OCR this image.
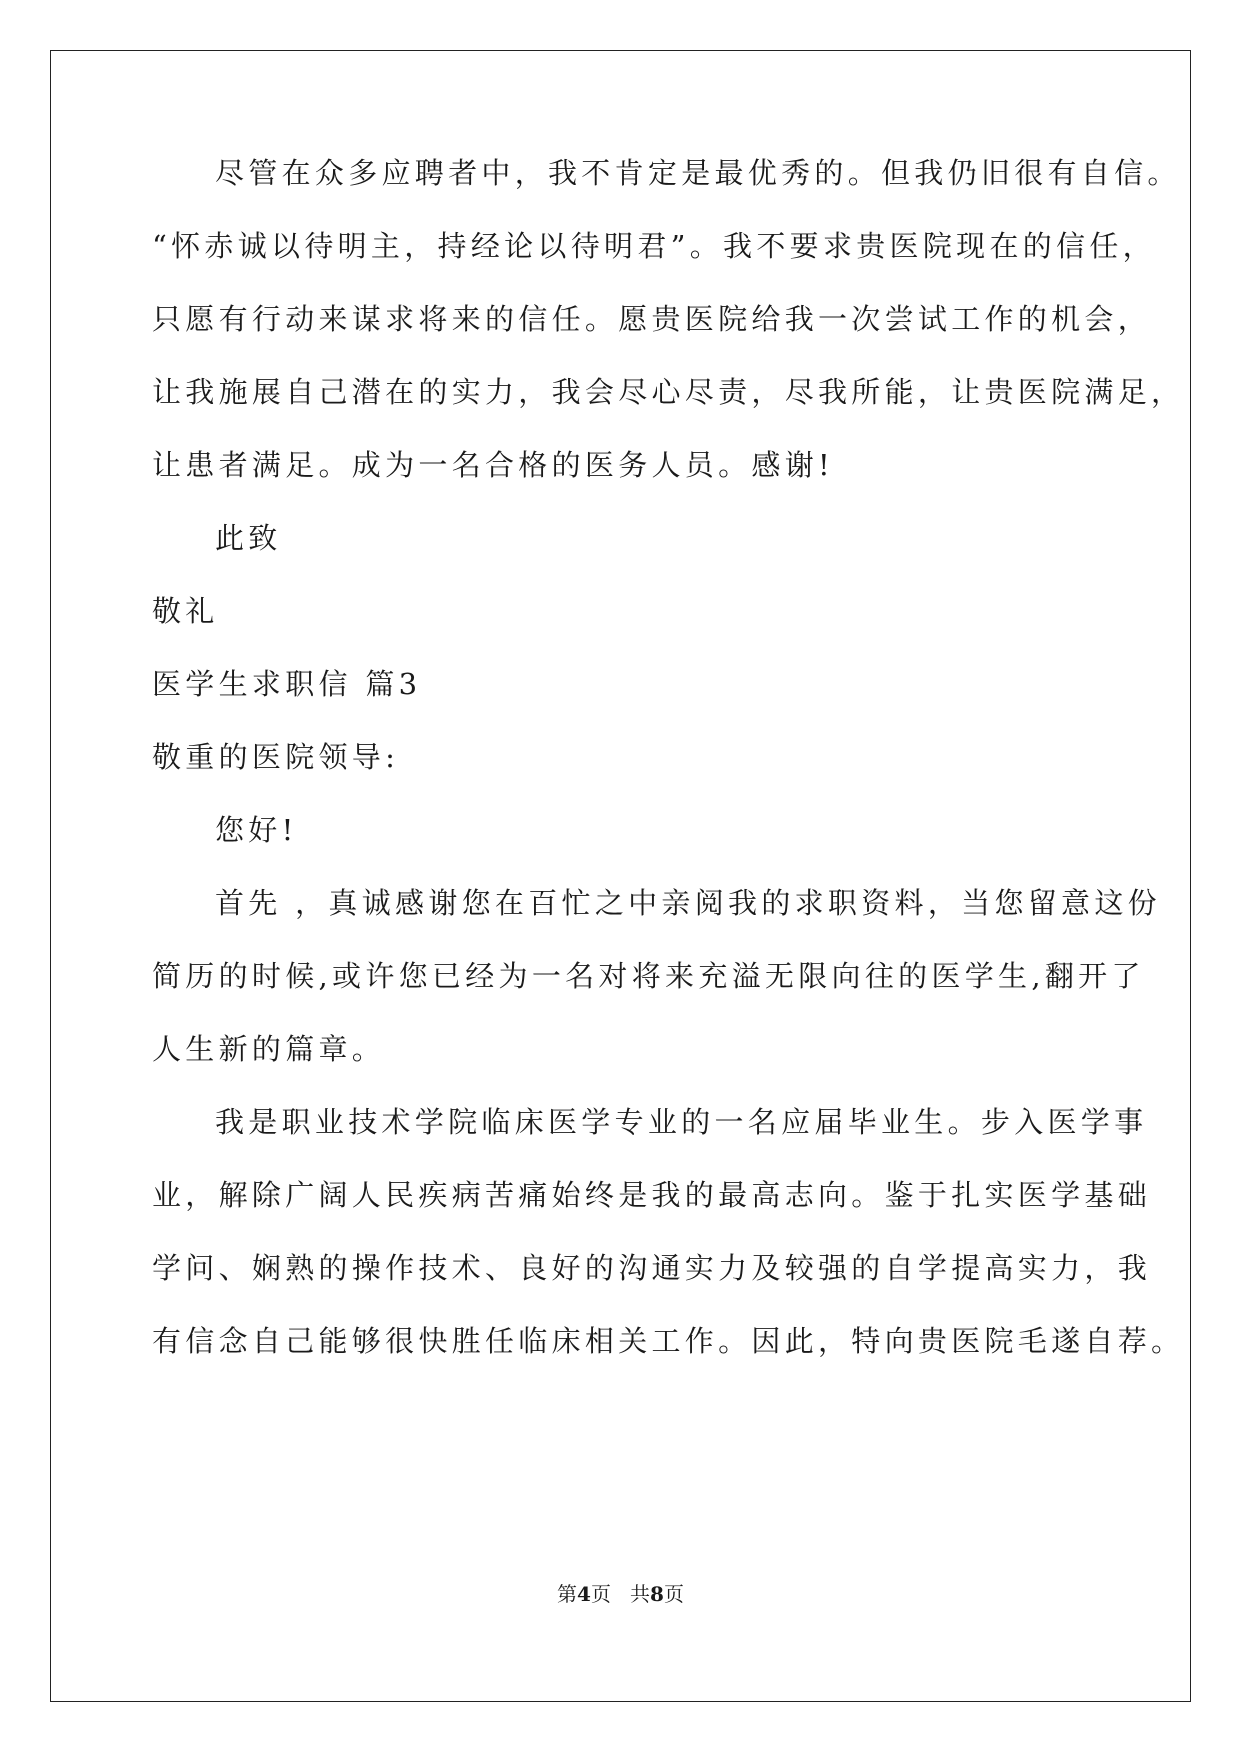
尽管在众多应聘者中，我不肯定是最优秀的。但我仍旧很有自信。
“怀赤诚以待明主，持经论以待明君”。我不要求贵医院现在的信任，
只愿有行动来谋求将来的信任。愿贵医院给我一次尝试工作的机会，
让我施展自己潜在的实力，我会尽心尽责，尽我所能，让贵医院满足，
让患者满足。成为一名合格的医务人员。感谢!
此致
敬礼
医学生求职信 篇3
敬重的医院领导:
您好!
首先 ，真诚感谢您在百忙之中亲阅我的求职资料，当您留意这份
简历的时候,或许您已经为一名对将来充溢无限向往的医学生,翻开了
人生新的篇章。
我是职业技术学院临床医学专业的一名应届毕业生。步入医学事
业，解除广阔人民疾病苦痛始终是我的最高志向。鉴于扎实医学基础
学问、娴熟的操作技术、良好的沟通实力及较强的自学提高实力，我
有信念自己能够很快胜任临床相关工作。因此，特向贵医院毛遂自荐。
第4页   共8页
